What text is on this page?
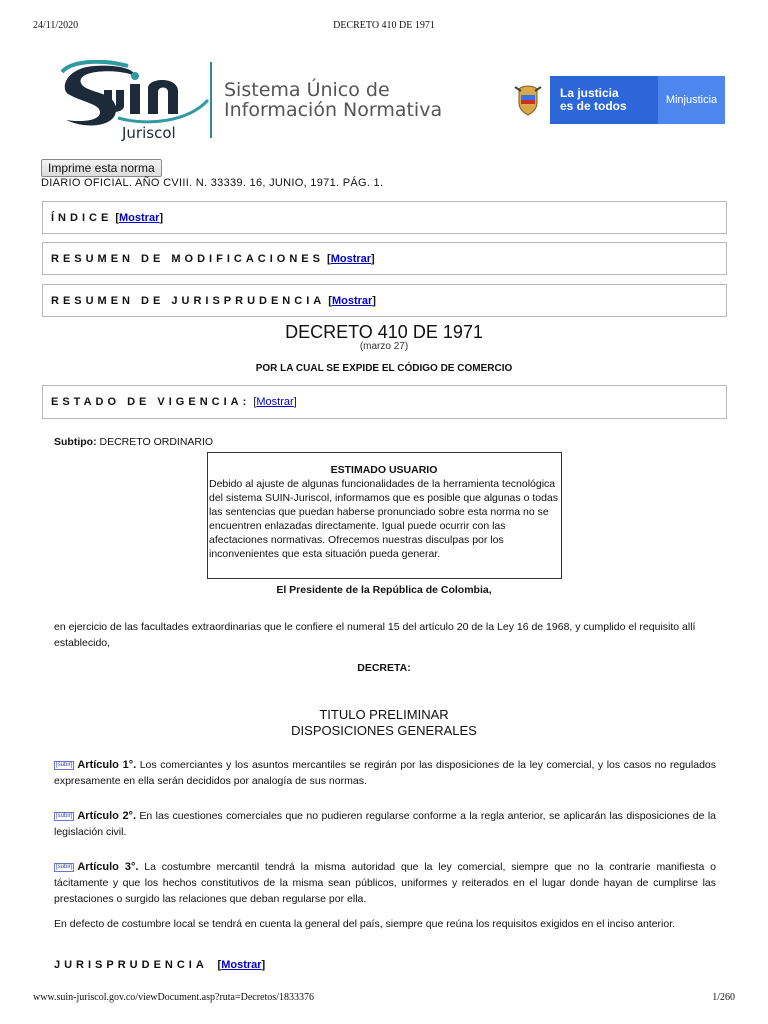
24/11/2020	DECRETO 410 DE 1971
Juriscol
Sistema Único de
Información Normativa
La justicia
es de todos	Minjusticia
Imprime esta norma
DIARIO OFICIAL. AÑO CVIII. N. 33339. 16, JUNIO, 1971. PÁG. 1.
ÍNDICE [ Mostrar ]
RESUMEN DE MODIFICACIONES [ Mostrar ]
RESUMEN DE JURISPRUDENCIA [ Mostrar ]
DECRETO 410 DE 1971
(marzo 27)
POR LA CUAL SE EXPIDE EL CÓDIGO DE COMERCIO
ESTADO DE VIGENCIA: [ Mostrar ]
Subtipo: DECRETO ORDINARIO
ESTIMADO USUARIO
Debido al ajuste de algunas funcionalidades de la herramienta tecnológica del sistema SUIN-Juriscol, informamos que es posible que algunas o todas las sentencias que puedan haberse pronunciado sobre esta norma no se encuentren enlazadas directamente. Igual puede ocurrir con las afectaciones normativas. Ofrecemos nuestras disculpas por los inconvenientes que esta situación pueda generar.
El Presidente de la República de Colombia,
en ejercicio de las facultades extraordinarias que le confiere el numeral 15 del artículo 20 de la Ley 16 de 1968, y cumplido el requisito allí establecido,
DECRETA:
TITULO PRELIMINAR
DISPOSICIONES GENERALES
[subir] Artículo 1°. Los comerciantes y los asuntos mercantiles se regirán por las disposiciones de la ley comercial, y los casos no regulados expresamente en ella serán decididos por analogía de sus normas.
[subir] Artículo 2°. En las cuestiones comerciales que no pudieren regularse conforme a la regla anterior, se aplicarán las disposiciones de la legislación civil.
[subir] Artículo 3°. La costumbre mercantil tendrá la misma autoridad que la ley comercial, siempre que no la contraríe manifiesta o tácitamente y que los hechos constitutivos de la misma sean públicos, uniformes y reiterados en el lugar donde hayan de cumplirse las prestaciones o surgido las relaciones que deban regularse por ella.
En defecto de costumbre local se tendrá en cuenta la general del país, siempre que reúna los requisitos exigidos en el inciso anterior.
JURISPRUDENCIA  [Mostrar]
www.suin-juriscol.gov.co/viewDocument.asp?ruta=Decretos/1833376	1/260
